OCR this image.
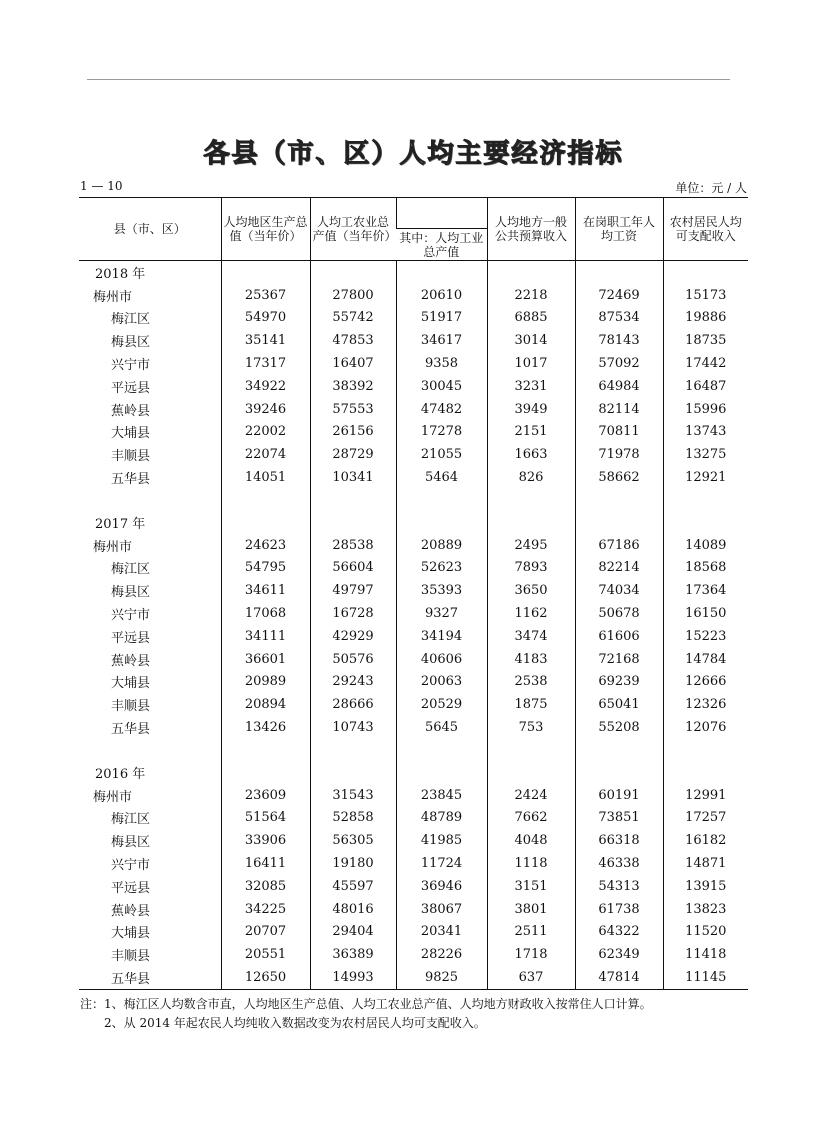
各县（市、区）人均主要经济指标
1 — 10	单位：元 / 人
县（市、区）	人均地区生产总值（当年价）	人均工农业总产值（当年价）		人均地方一般公共预算收入	在岗职工年人均工资	农村居民人均可支配收入
			其中：人均工业总产值			
2018 年						
梅州市	25367	27800	20610	2218	72469	15173
梅江区	54970	55742	51917	6885	87534	19886
梅县区	35141	47853	34617	3014	78143	18735
兴宁市	17317	16407	9358	1017	57092	17442
平远县	34922	38392	30045	3231	64984	16487
蕉岭县	39246	57553	47482	3949	82114	15996
大埔县	22002	26156	17278	2151	70811	13743
丰顺县	22074	28729	21055	1663	71978	13275
五华县	14051	10341	5464	826	58662	12921

2017 年						
梅州市	24623	28538	20889	2495	67186	14089
梅江区	54795	56604	52623	7893	82214	18568
梅县区	34611	49797	35393	3650	74034	17364
兴宁市	17068	16728	9327	1162	50678	16150
平远县	34111	42929	34194	3474	61606	15223
蕉岭县	36601	50576	40606	4183	72168	14784
大埔县	20989	29243	20063	2538	69239	12666
丰顺县	20894	28666	20529	1875	65041	12326
五华县	13426	10743	5645	753	55208	12076

2016 年						
梅州市	23609	31543	23845	2424	60191	12991
梅江区	51564	52858	48789	7662	73851	17257
梅县区	33906	56305	41985	4048	66318	16182
兴宁市	16411	19180	11724	1118	46338	14871
平远县	32085	45597	36946	3151	54313	13915
蕉岭县	34225	48016	38067	3801	61738	13823
大埔县	20707	29404	20341	2511	64322	11520
丰顺县	20551	36389	28226	1718	62349	11418
五华县	12650	14993	9825	637	47814	11145
注：1、梅江区人均数含市直，人均地区生产总值、人均工农业总产值、人均地方财政收入按常住人口计算。
2、从 2014 年起农民人均纯收入数据改变为农村居民人均可支配收入。
